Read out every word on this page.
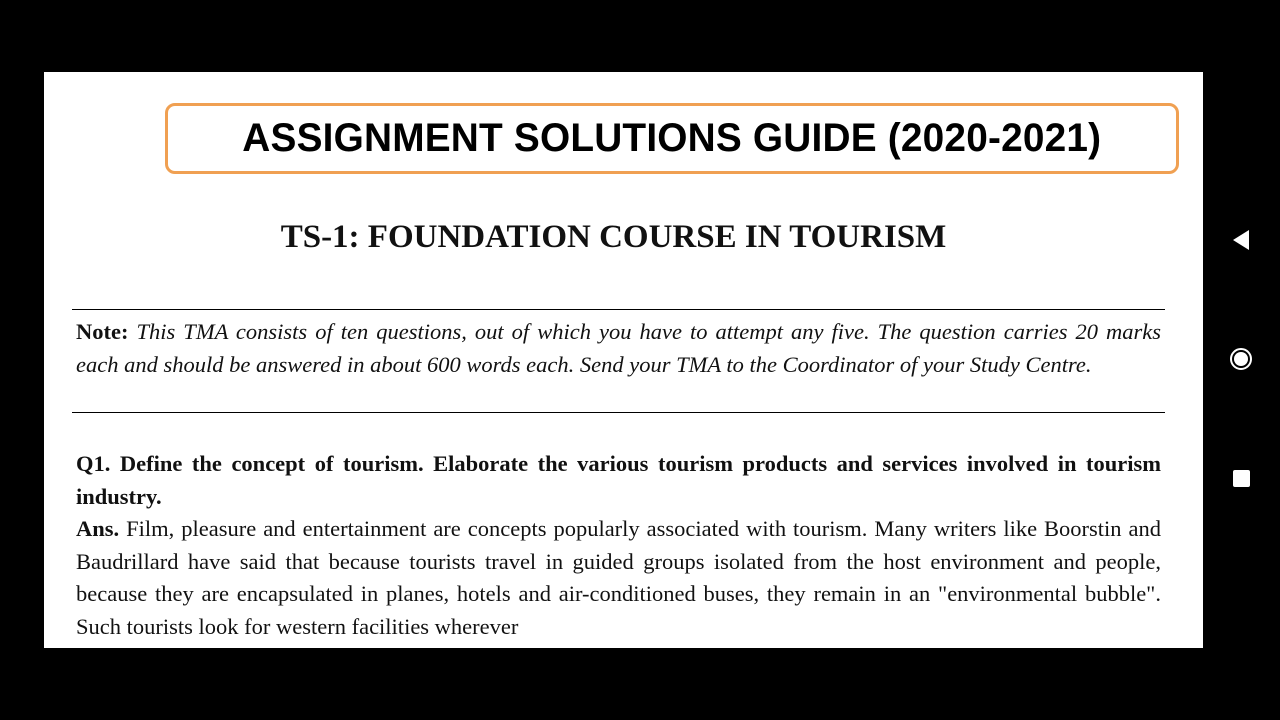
ASSIGNMENT SOLUTIONS GUIDE (2020-2021)
TS-1: FOUNDATION COURSE IN TOURISM
Note: This TMA consists of ten questions, out of which you have to attempt any five. The question carries 20 marks each and should be answered in about 600 words each. Send your TMA to the Coordinator of your Study Centre.
Q1. Define the concept of tourism. Elaborate the various tourism products and services involved in tourism industry.
Ans. Film, pleasure and entertainment are concepts popularly associated with tourism. Many writers like Boorstin and Baudrillard have said that because tourists travel in guided groups isolated from the host environment and people, because they are encapsulated in planes, hotels and air-conditioned buses, they remain in an "environmental bubble". Such tourists look for western facilities wherever
